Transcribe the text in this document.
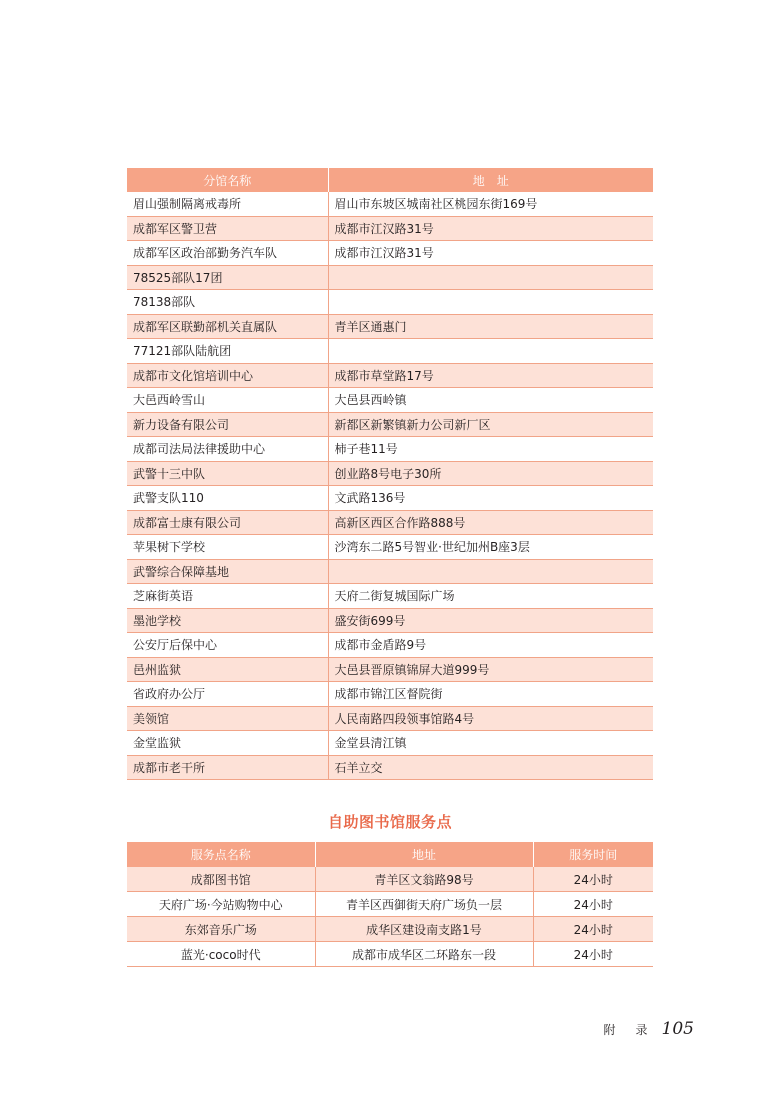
分馆名称	地　址
眉山强制隔离戒毒所	眉山市东坡区城南社区桃园东街169号
成都军区警卫营	成都市江汉路31号
成都军区政治部勤务汽车队	成都市江汉路31号
78525部队17团	
78138部队	
成都军区联勤部机关直属队	青羊区通惠门
77121部队陆航团	
成都市文化馆培训中心	成都市草堂路17号
大邑西岭雪山	大邑县西岭镇
新力设备有限公司	新都区新繁镇新力公司新厂区
成都司法局法律援助中心	柿子巷11号
武警十三中队	创业路8号电子30所
武警支队110	文武路136号
成都富士康有限公司	高新区西区合作路888号
苹果树下学校	沙湾东二路5号智业·世纪加州B座3层
武警综合保障基地	
芝麻街英语	天府二街复城国际广场
墨池学校	盛安街699号
公安厅后保中心	成都市金盾路9号
邑州监狱	大邑县晋原镇锦屏大道999号
省政府办公厅	成都市锦江区督院街
美领馆	人民南路四段领事馆路4号
金堂监狱	金堂县清江镇
成都市老干所	石羊立交
自助图书馆服务点
服务点名称	地址	服务时间
成都图书馆	青羊区文翁路98号	24小时
天府广场·今站购物中心	青羊区西御街天府广场负一层	24小时
东郊音乐广场	成华区建设南支路1号	24小时
蓝光·coco时代	成都市成华区二环路东一段	24小时
附　录 105
